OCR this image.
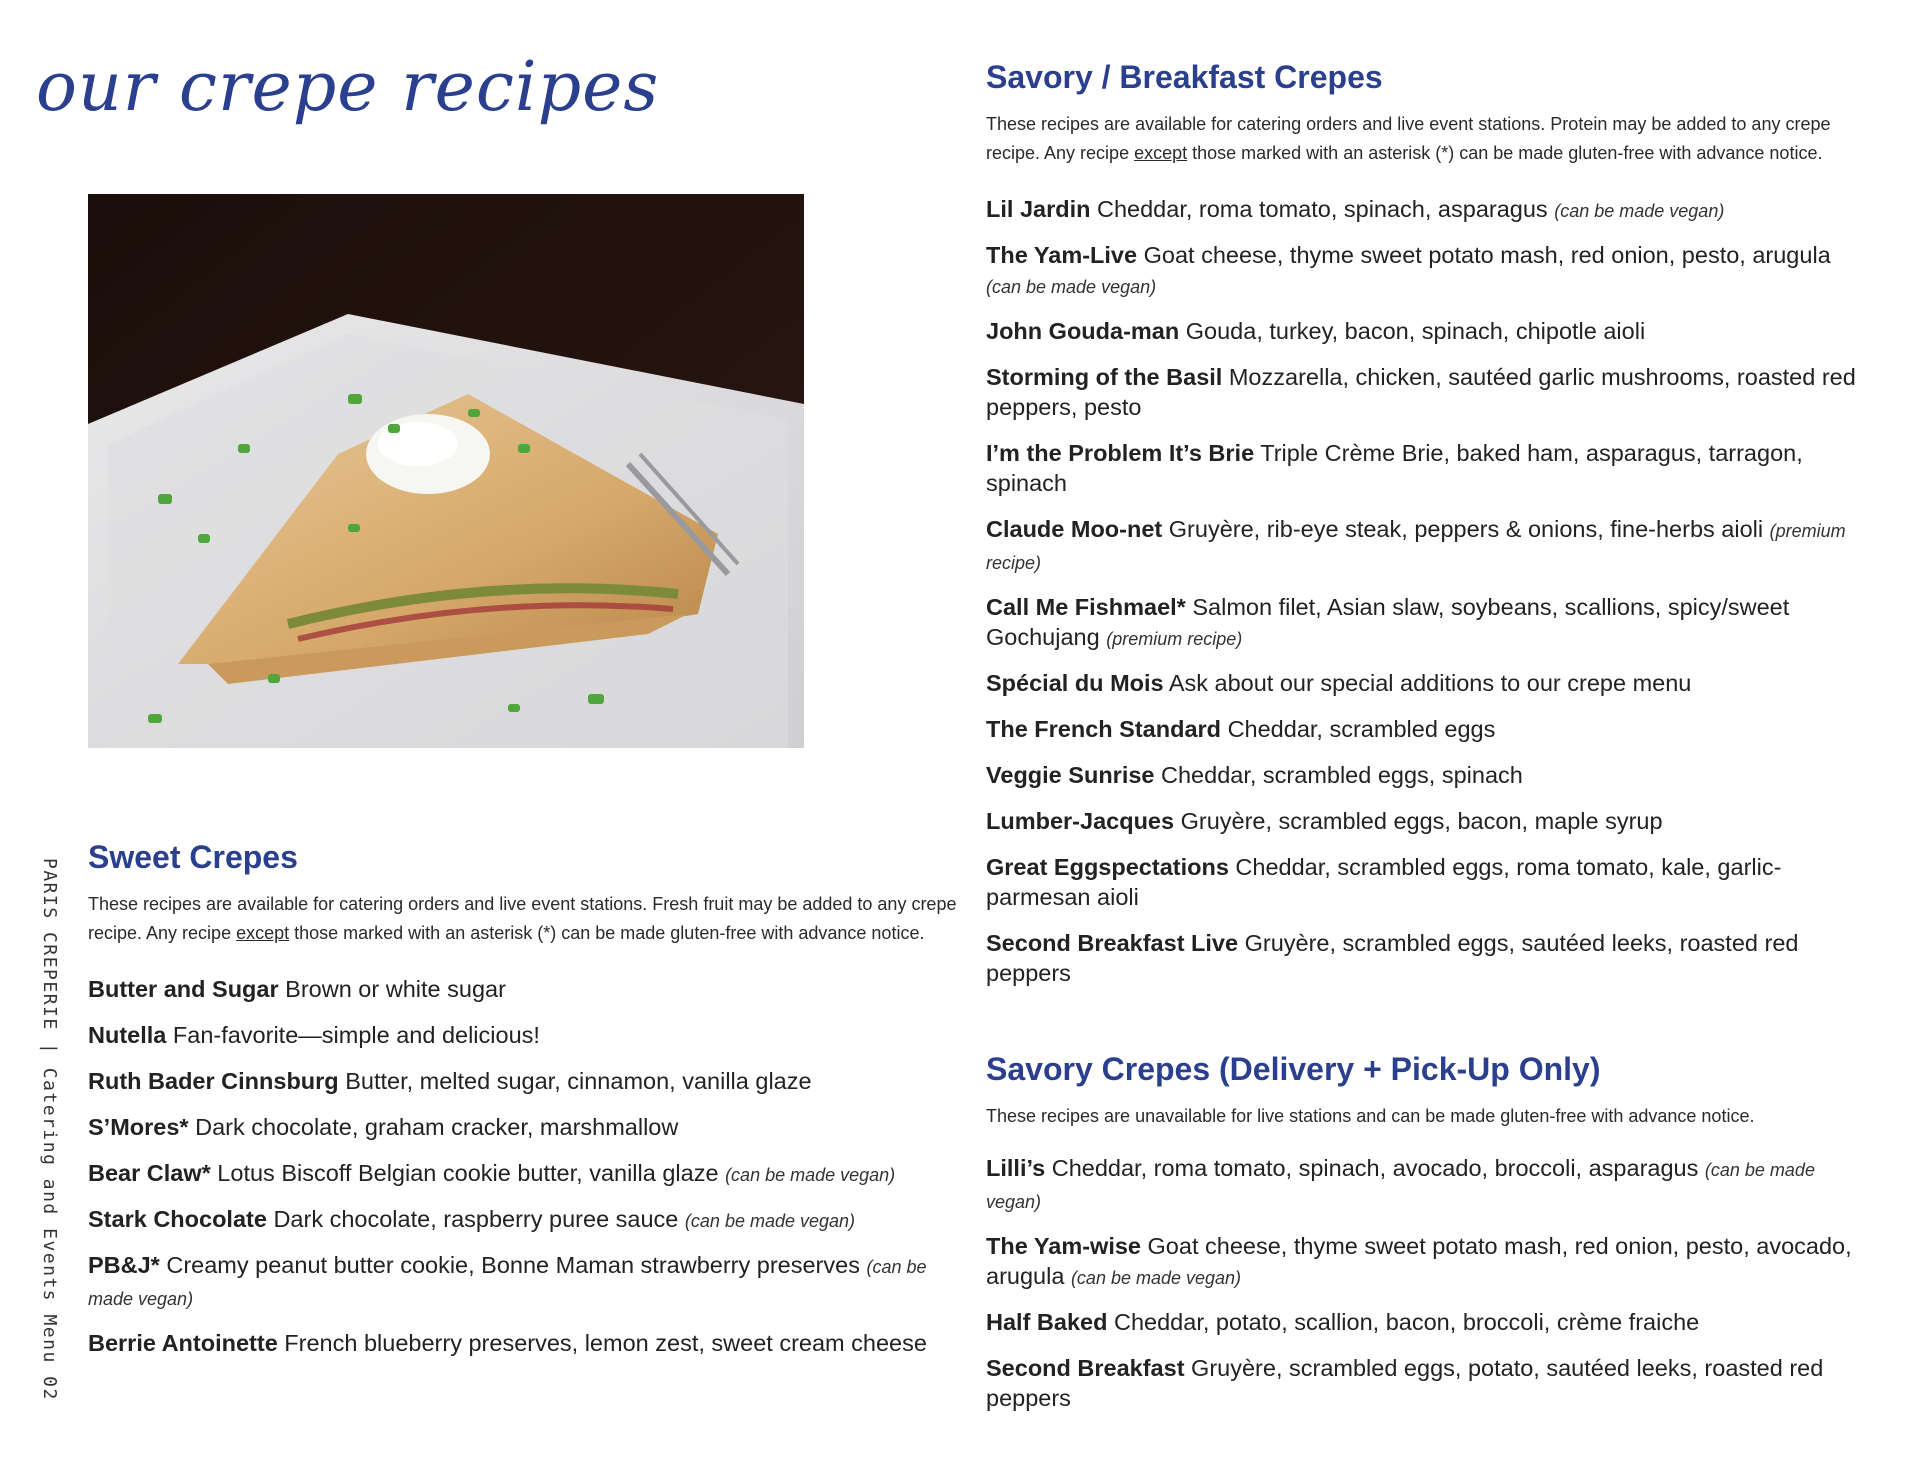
our crepe recipes
PARIS CREPERIE | Catering and Events Menu 02
Savory / Breakfast Crepes

These recipes are available for catering orders and live event stations. Protein may be added to any crepe recipe. Any recipe except those marked with an asterisk (*) can be made gluten-free with advance notice.

Lil Jardin Cheddar, roma tomato, spinach, asparagus (can be made vegan)
The Yam-Live Goat cheese, thyme sweet potato mash, red onion, pesto, arugula (can be made vegan)
John Gouda-man Gouda, turkey, bacon, spinach, chipotle aioli
Storming of the Basil Mozzarella, chicken, sautéed garlic mushrooms, roasted red peppers, pesto
I’m the Problem It’s Brie Triple Crème Brie, baked ham, asparagus, tarragon, spinach
Claude Moo-net Gruyère, rib-eye steak, peppers & onions, fine-herbs aioli (premium recipe)
Call Me Fishmael* Salmon filet, Asian slaw, soybeans, scallions, spicy/sweet Gochujang (premium recipe)
Spécial du Mois Ask about our special additions to our crepe menu
The French Standard Cheddar, scrambled eggs
Veggie Sunrise Cheddar, scrambled eggs, spinach
Lumber-Jacques Gruyère, scrambled eggs, bacon, maple syrup
Great Eggspectations Cheddar, scrambled eggs, roma tomato, kale, garlic-parmesan aioli
Second Breakfast Live Gruyère, scrambled eggs, sautéed leeks, roasted red peppers
Savory Crepes (Delivery + Pick-Up Only)

These recipes are unavailable for live stations and can be made gluten-free with advance notice.

Lilli’s Cheddar, roma tomato, spinach, avocado, broccoli, asparagus (can be made vegan)
The Yam-wise Goat cheese, thyme sweet potato mash, red onion, pesto, avocado, arugula (can be made vegan)
Half Baked Cheddar, potato, scallion, bacon, broccoli, crème fraiche
Second Breakfast Gruyère, scrambled eggs, potato, sautéed leeks, roasted red peppers
Sweet Crepes

These recipes are available for catering orders and live event stations. Fresh fruit may be added to any crepe recipe. Any recipe except those marked with an asterisk (*) can be made gluten-free with advance notice.

Butter and Sugar Brown or white sugar
Nutella Fan-favorite—simple and delicious!
Ruth Bader Cinnsburg Butter, melted sugar, cinnamon, vanilla glaze
S’Mores* Dark chocolate, graham cracker, marshmallow
Bear Claw* Lotus Biscoff Belgian cookie butter, vanilla glaze (can be made vegan)
Stark Chocolate Dark chocolate, raspberry puree sauce (can be made vegan)
PB&J* Creamy peanut butter cookie, Bonne Maman strawberry preserves (can be made vegan)
Berrie Antoinette French blueberry preserves, lemon zest, sweet cream cheese
